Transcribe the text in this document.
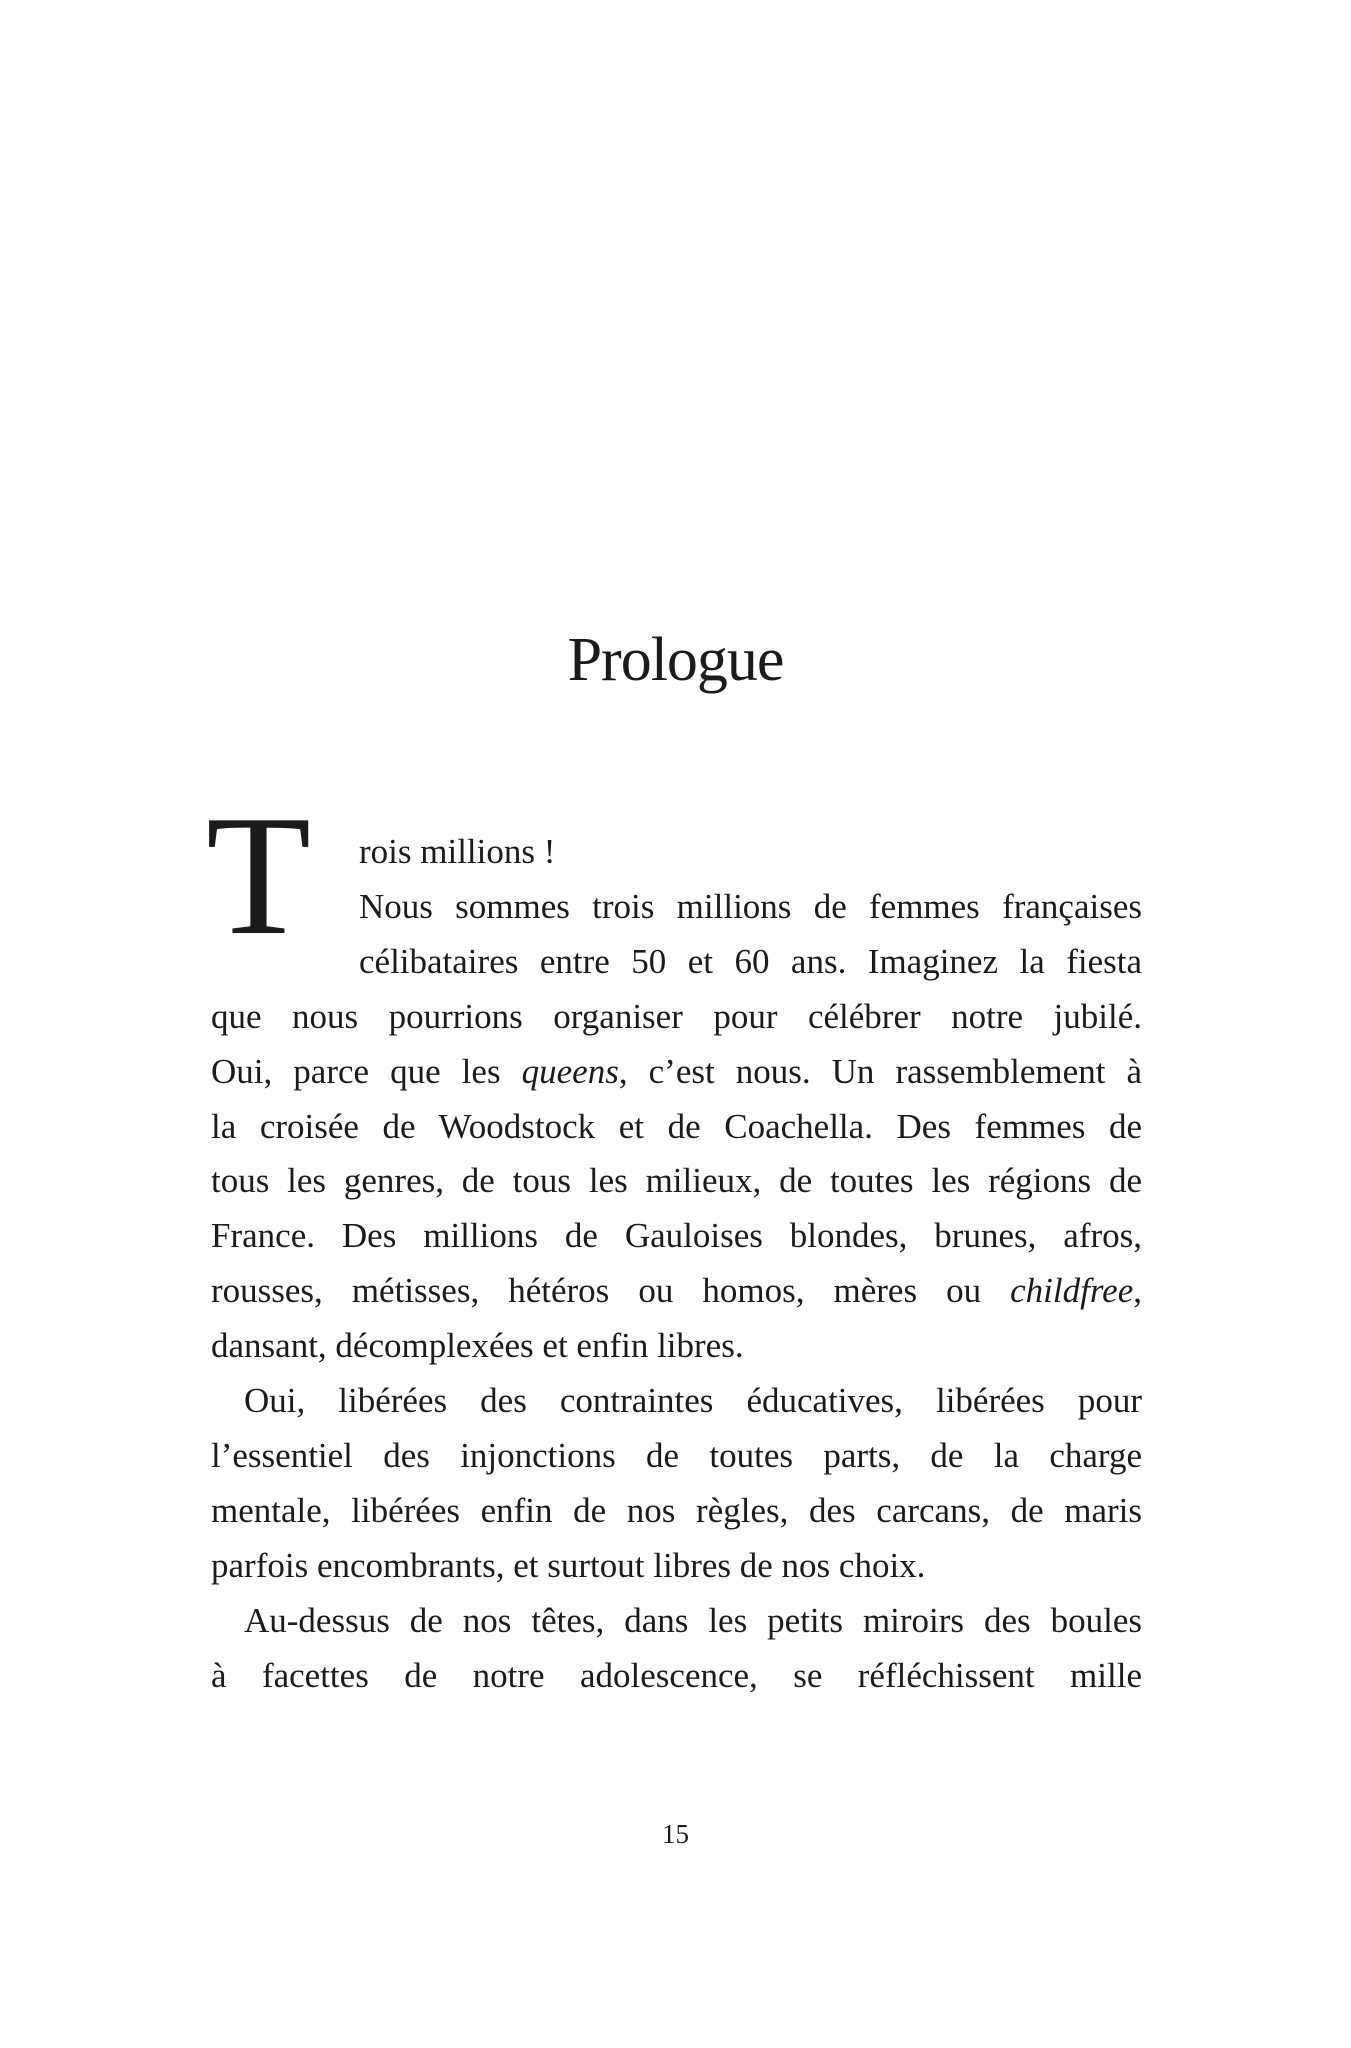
Prologue
T rois millions !
Nous sommes trois millions de femmes françaises
célibataires entre 50 et 60 ans. Imaginez la fiesta
que nous pourrions organiser pour célébrer notre jubilé.
Oui, parce que les queens, c’est nous. Un rassemblement à
la croisée de Woodstock et de Coachella. Des femmes de
tous les genres, de tous les milieux, de toutes les régions de
France. Des millions de Gauloises blondes, brunes, afros,
rousses, métisses, hétéros ou homos, mères ou childfree,
dansant, décomplexées et enfin libres.
Oui, libérées des contraintes éducatives, libérées pour
l’essentiel des injonctions de toutes parts, de la charge
mentale, libérées enfin de nos règles, des carcans, de maris
parfois encombrants, et surtout libres de nos choix.
Au-dessus de nos têtes, dans les petits miroirs des boules
à facettes de notre adolescence, se réfléchissent mille
15
